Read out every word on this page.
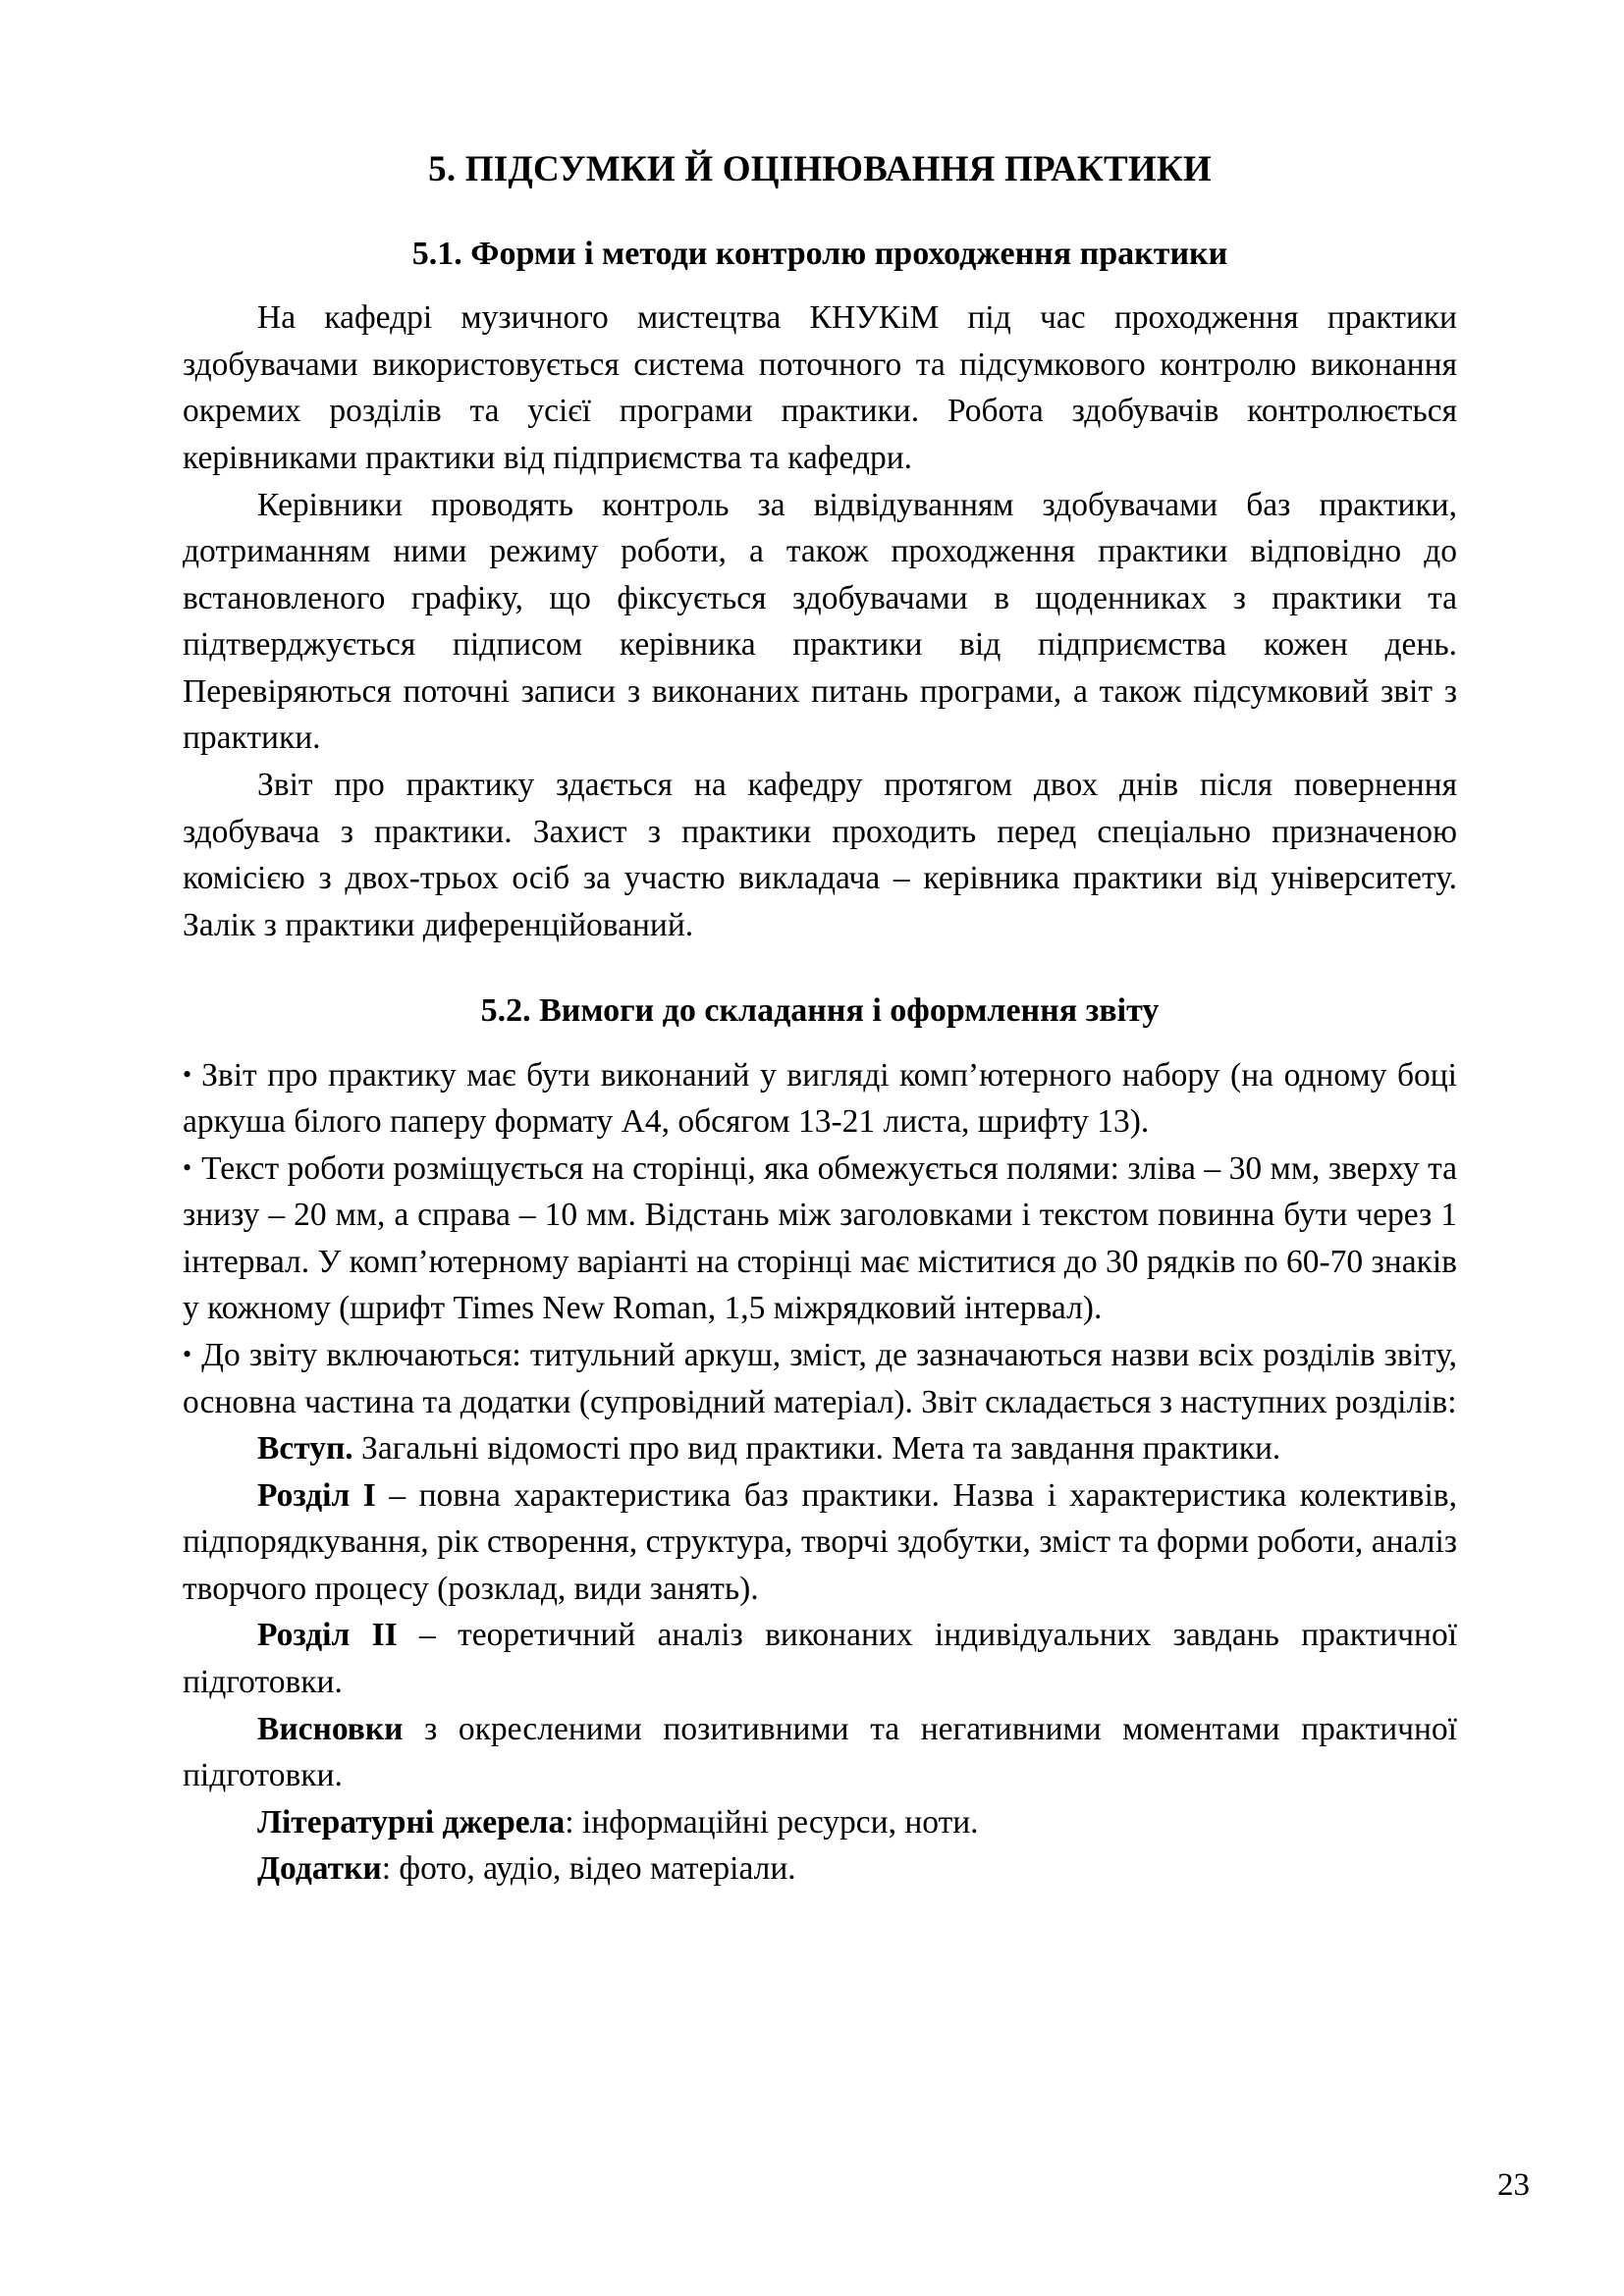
5. ПІДСУМКИ Й ОЦІНЮВАННЯ ПРАКТИКИ
5.1. Форми і методи контролю проходження практики

На кафедрі музичного мистецтва КНУКіМ під час проходження практики здобувачами використовується система поточного та підсумкового контролю виконання окремих розділів та усієї програми практики. Робота здобувачів контролюється керівниками практики від підприємства та кафедри.

Керівники проводять контроль за відвідуванням здобувачами баз практики, дотриманням ними режиму роботи, а також проходження практики відповідно до встановленого графіку, що фіксується здобувачами в щоденниках з практики та підтверджується підписом керівника практики від підприємства кожен день. Перевіряються поточні записи з виконаних питань програми, а також підсумковий звіт з практики.

Звіт про практику здається на кафедру протягом двох днів після повернення здобувача з практики. Захист з практики проходить перед спеціально призначеною комісією з двох-трьох осіб за участю викладача – керівника практики від університету. Залік з практики диференційований.

5.2. Вимоги до складання і оформлення звіту

• Звіт про практику має бути виконаний у вигляді комп’ютерного набору (на одному боці аркуша білого паперу формату А4, обсягом 13-21 листа, шрифту 13).

• Текст роботи розміщується на сторінці, яка обмежується полями: зліва – 30 мм, зверху та знизу – 20 мм, а справа – 10 мм. Відстань між заголовками і текстом повинна бути через 1 інтервал. У комп’ютерному варіанті на сторінці має міститися до 30 рядків по 60-70 знаків у кожному (шрифт Times New Roman, 1,5 міжрядковий інтервал).

• До звіту включаються: титульний аркуш, зміст, де зазначаються назви всіх розділів звіту, основна частина та додатки (супровідний матеріал). Звіт складається з наступних розділів:

Вступ. Загальні відомості про вид практики. Мета та завдання практики.

Розділ I – повна характеристика баз практики. Назва і характеристика колективів, підпорядкування, рік створення, структура, творчі здобутки, зміст та форми роботи, аналіз творчого процесу (розклад, види занять).

Розділ II – теоретичний аналіз виконаних індивідуальних завдань практичної підготовки.

Висновки з окресленими позитивними та негативними моментами практичної підготовки.

Літературні джерела: інформаційні ресурси, ноти.

Додатки: фото, аудіо, відео матеріали.

23
